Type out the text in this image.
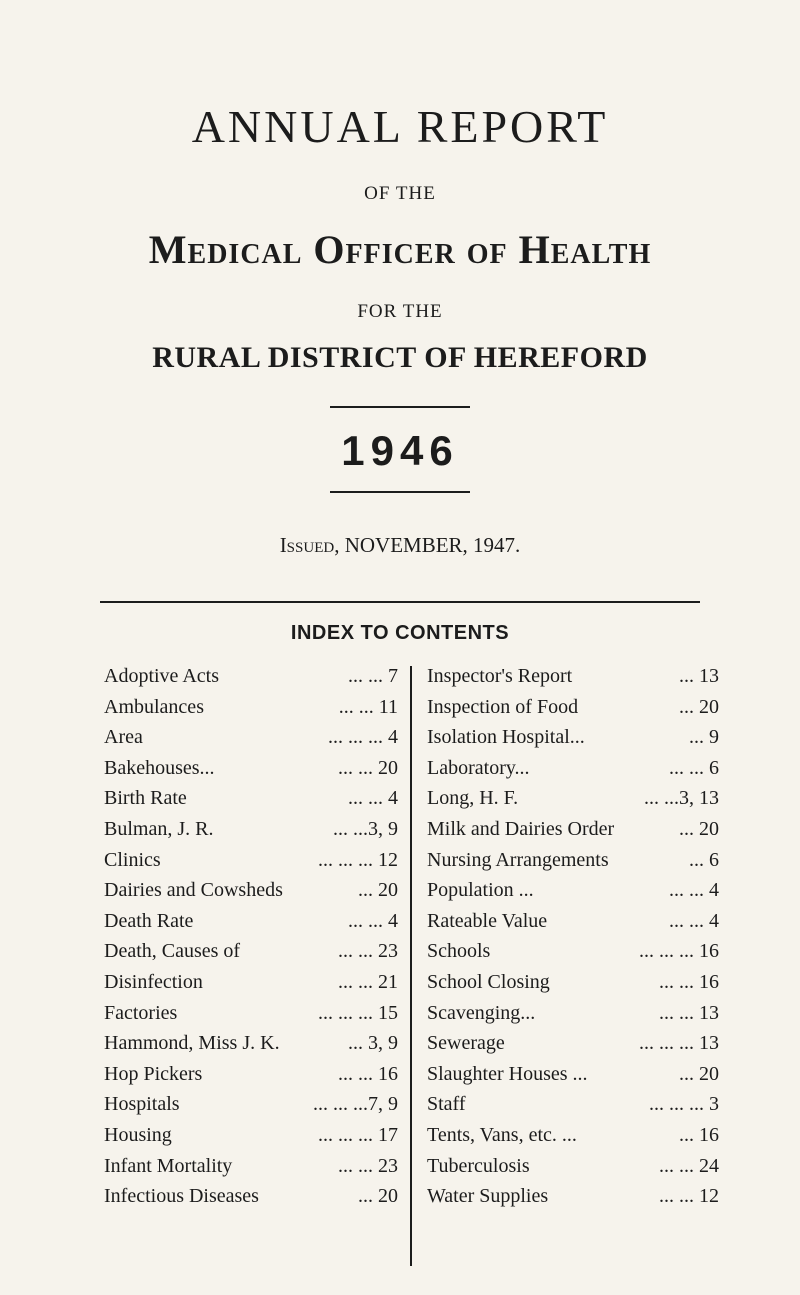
ANNUAL REPORT
OF THE
Medical Officer of Health
FOR THE
RURAL DISTRICT OF HEREFORD
1946
Issued, NOVEMBER, 1947.
INDEX TO CONTENTS
Adoptive Acts	... ... 7
Ambulances	... ... 11
Area	... ... ... 4
Bakehouses...	... ... 20
Birth Rate	... ... 4
Bulman, J. R.	... ...3, 9
Clinics	... ... ... 12
Dairies and Cowsheds	... 20
Death Rate	... ... 4
Death, Causes of	... ... 23
Disinfection	... ... 21
Factories	... ... ... 15
Hammond, Miss J. K.	... 3, 9
Hop Pickers	... ... 16
Hospitals	... ... ...7, 9
Housing	... ... ... 17
Infant Mortality	... ... 23
Infectious Diseases	... 20
Inspector's Report	... 13
Inspection of Food	... 20
Isolation Hospital...	... 9
Laboratory...	... ... 6
Long, H. F.	... ...3, 13
Milk and Dairies Order	... 20
Nursing Arrangements	... 6
Population ...	... ... 4
Rateable Value	... ... 4
Schools	... ... ... 16
School Closing	... ... 16
Scavenging...	... ... 13
Sewerage	... ... ... 13
Slaughter Houses ...	... 20
Staff	... ... ... 3
Tents, Vans, etc. ...	... 16
Tuberculosis	... ... 24
Water Supplies	... ... 12
